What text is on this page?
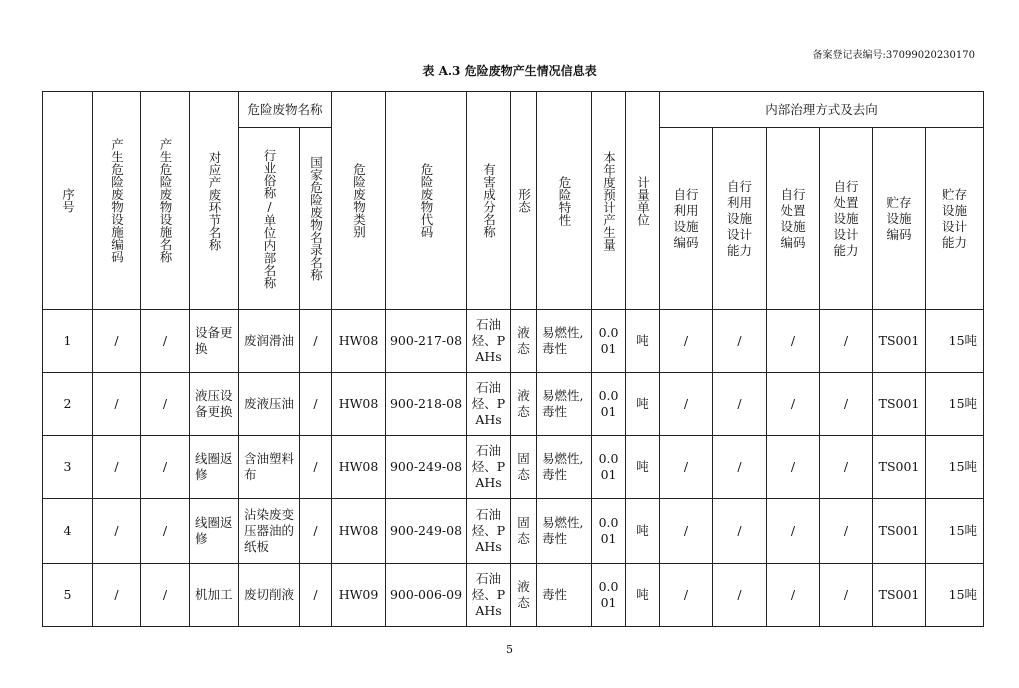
备案登记表编号:370990202301​70
表 A.3 危险废物产生情况信息表
序号	产生危险废物设施编码	产生危险废物设施名称	对应产废环节名称	危险废物名称		危险废物类别	危险废物代码	有害成分名称	形态	危险特性	本年度预计产生量	计量单位	内部治理方式及去向					
				行业俗称/单位内部名称	国家危险废物名录名称								自行利用设施编码	自行利用设施设计能力	自行处置设施编码	自行处置设施设计能力	贮存设施编码	贮存设施设计能力
1	/	/	设备更换	废润滑油	/	HW08	900-217-08	石油烃、PAHs	液态	易燃性,毒性	0.001	吨	/	/	/	/	TS001	15吨
2	/	/	液压设备更换	废液压油	/	HW08	900-218-08	石油烃、PAHs	液态	易燃性,毒性	0.001	吨	/	/	/	/	TS001	15吨
3	/	/	线圈返修	含油塑料布	/	HW08	900-249-08	石油烃、PAHs	固态	易燃性,毒性	0.001	吨	/	/	/	/	TS001	15吨
4	/	/	线圈返修	沾染废变压器油的纸板	/	HW08	900-249-08	石油烃、PAHs	固态	易燃性,毒性	0.001	吨	/	/	/	/	TS001	15吨
5	/	/	机加工	废切削液	/	HW09	900-006-09	石油烃、PAHs	液态	毒性	0.001	吨	/	/	/	/	TS001	15吨
5
